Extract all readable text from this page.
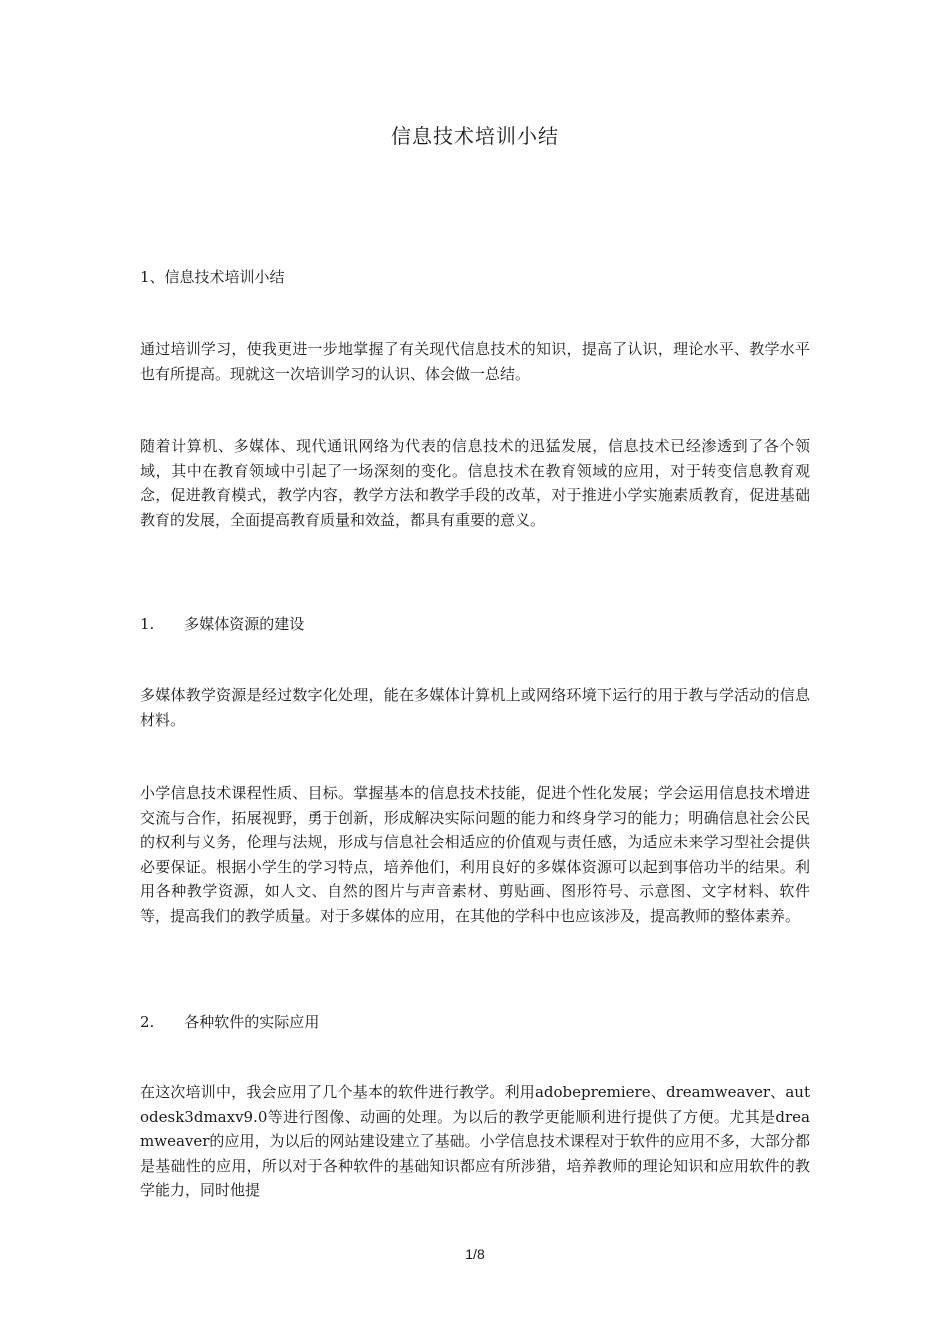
信息技术培训小结
1、信息技术培训小结

通过培训学习，使我更进一步地掌握了有关现代信息技术的知识，提高了认识，理论水平、教学水平也有所提高。现就这一次培训学习的认识、体会做一总结。

随着计算机、多媒体、现代通讯网络为代表的信息技术的迅猛发展，信息技术已经渗透到了各个领域，其中在教育领域中引起了一场深刻的变化。信息技术在教育领域的应用，对于转变信息教育观念，促进教育模式，教学内容，教学方法和教学手段的改革，对于推进小学实施素质教育，促进基础教育的发展，全面提高教育质量和效益，都具有重要的意义。

1.　　多媒体资源的建设

多媒体教学资源是经过数字化处理，能在多媒体计算机上或网络环境下运行的用于教与学活动的信息材料。

小学信息技术课程性质、目标。掌握基本的信息技术技能，促进个性化发展；学会运用信息技术增进交流与合作，拓展视野，勇于创新，形成解决实际问题的能力和终身学习的能力；明确信息社会公民的权利与义务，伦理与法规，形成与信息社会相适应的价值观与责任感，为适应未来学习型社会提供必要保证。根据小学生的学习特点，培养他们，利用良好的多媒体资源可以起到事倍功半的结果。利用各种教学资源，如人文、自然的图片与声音素材、剪贴画、图形符号、示意图、文字材料、软件等，提高我们的教学质量。对于多媒体的应用，在其他的学科中也应该涉及，提高教师的整体素养。

2.　　各种软件的实际应用

在这次培训中，我会应用了几个基本的软件进行教学。利用adobepremiere、dreamweaver、autodesk3dmaxv9.0等进行图像、动画的处理。为以后的教学更能顺利进行提供了方便。尤其是dreamweaver的应用，为以后的网站建设建立了基础。小学信息技术课程对于软件的应用不多，大部分都是基础性的应用，所以对于各种软件的基础知识都应有所涉猎，培养教师的理论知识和应用软件的教学能力，同时他提

1/8
